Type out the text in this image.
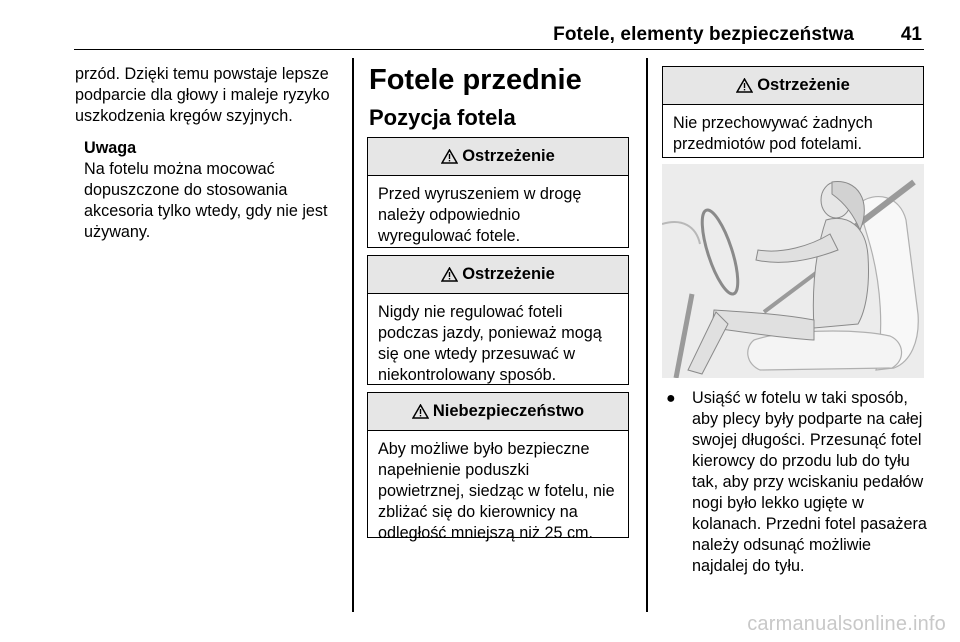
Fotele, elementy bezpieczeństwa 41

przód. Dzięki temu powstaje lepsze podparcie dla głowy i maleje ryzyko uszkodzenia kręgów szyjnych.

Uwaga
Na fotelu można mocować dopuszczone do stosowania akcesoria tylko wtedy, gdy nie jest używany.
Fotele przednie
Pozycja fotela
Ostrzeżenie
Przed wyruszeniem w drogę należy odpowiednio wyregulować fotele.
Ostrzeżenie
Nigdy nie regulować foteli podczas jazdy, ponieważ mogą się one wtedy przesuwać w niekontrolowany sposób.
Niebezpieczeństwo
Aby możliwe było bezpieczne napełnienie poduszki powietrznej, siedząc w fotelu, nie zbliżać się do kierownicy na odległość mniejszą niż 25 cm.
Ostrzeżenie
Nie przechowywać żadnych przedmiotów pod fotelami.
●	Usiąść w fotelu w taki sposób, aby plecy były podparte na całej swojej długości. Przesunąć fotel kierowcy do przodu lub do tyłu tak, aby przy wciskaniu pedałów nogi było lekko ugięte w kolanach. Przedni fotel pasażera należy odsunąć możliwie najdalej do tyłu.
carmanualsonline.info
